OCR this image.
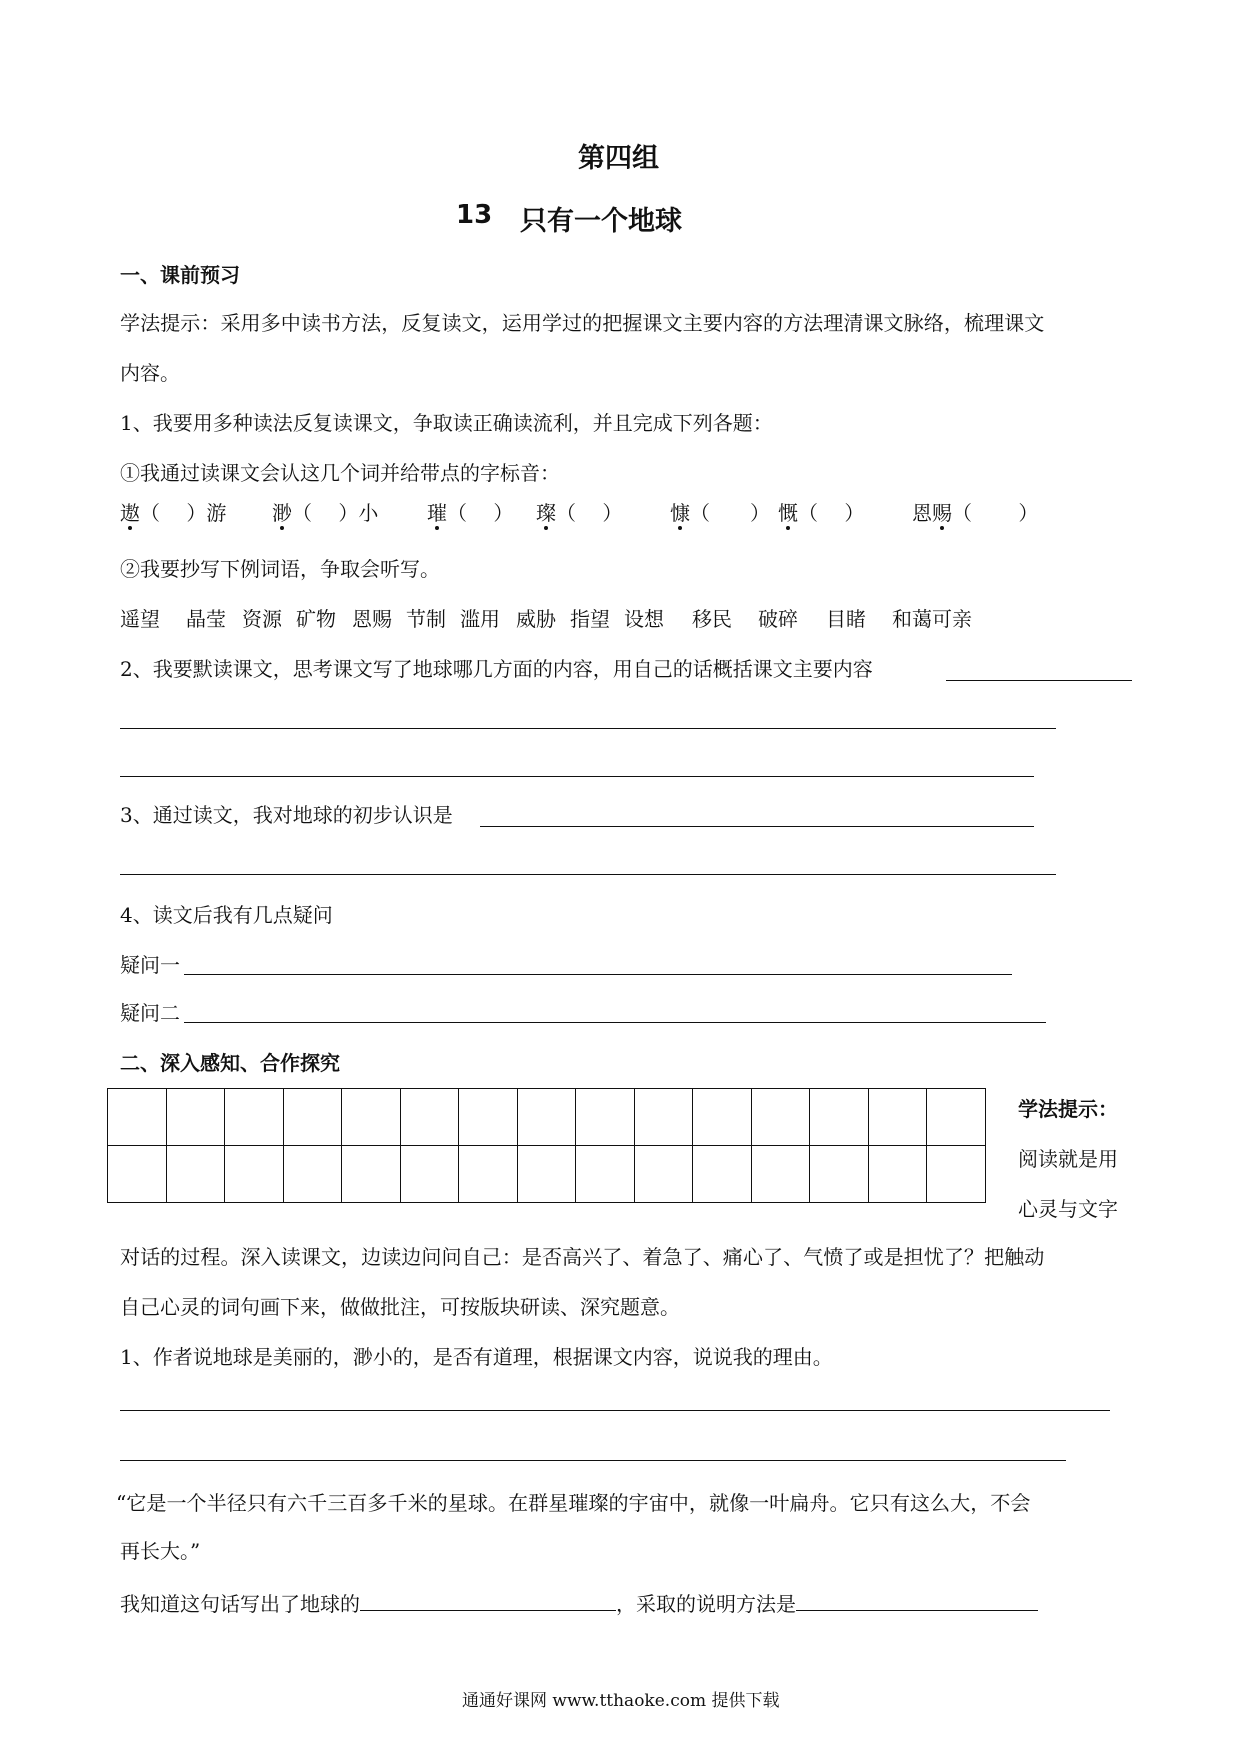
第四组
13 只有一个地球
一、课前预习
学法提示：采用多中读书方法，反复读文，运用学过的把握课文主要内容的方法理清课文脉络，梳理课文
内容。
1、我要用多种读法反复读课文，争取读正确读流利，并且完成下列各题：
①我通过读课文会认这几个词并给带点的字标音：
遨（　 ）游 渺（　 ）小 璀（　 ） 璨（　 ） 慷（　　） 慨（　 ） 恩赐（　　 ）
②我要抄写下例词语，争取会听写。
遥望 晶莹 资源 矿物 恩赐 节制 滥用 威胁 指望 设想 移民 破碎 目睹 和蔼可亲
2、我要默读课文，思考课文写了地球哪几方面的内容，用自己的话概括课文主要内容
3、通过读文，我对地球的初步认识是
4、读文后我有几点疑问
疑问一
疑问二
二、深入感知、合作探究

学法提示：
阅读就是用
心灵与文字
对话的过程。深入读课文，边读边问问自己：是否高兴了、着急了、痛心了、气愤了或是担忧了？把触动
自己心灵的词句画下来，做做批注，可按版块研读、深究题意。
1、作者说地球是美丽的，渺小的，是否有道理，根据课文内容，说说我的理由。
“它是一个半径只有六千三百多千米的星球。在群星璀璨的宇宙中，就像一叶扁舟。它只有这么大，不会
再长大。”
我知道这句话写出了地球的	，采取的说明方法是
通通好课网 www.tthaoke.com 提供下载
